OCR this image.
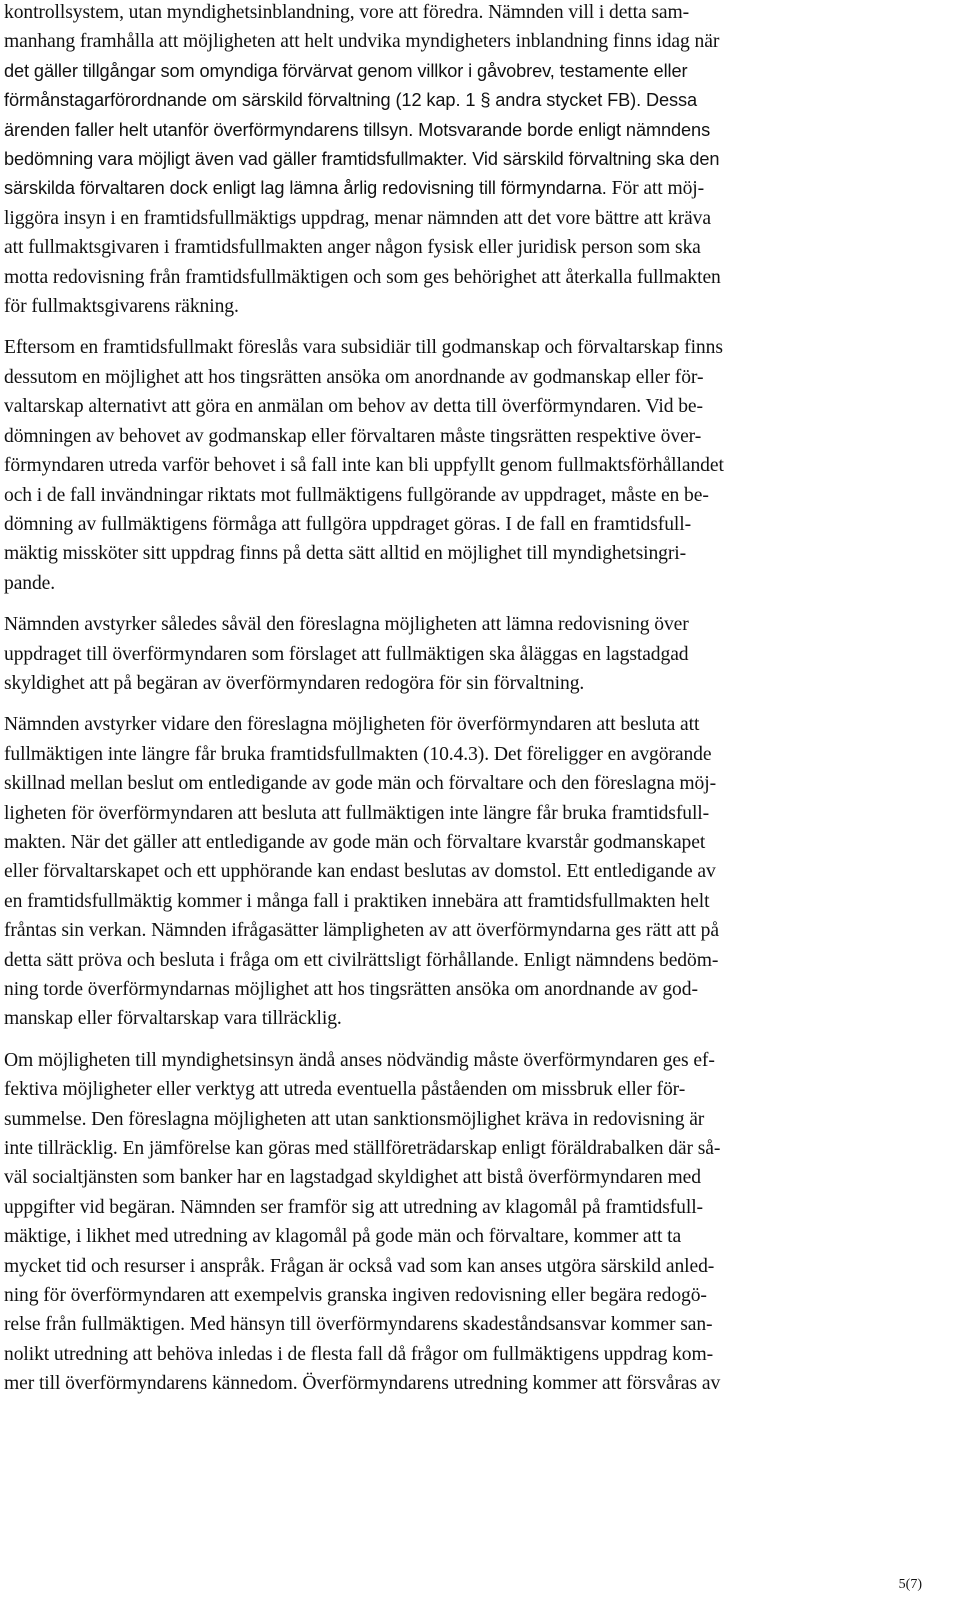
kontrollsystem, utan myndighetsinblandning, vore att föredra. Nämnden vill i detta sam-
manhang framhålla att möjligheten att helt undvika myndigheters inblandning finns idag när
det gäller tillgångar som omyndiga förvärvat genom villkor i gåvobrev, testamente eller
förmånstagarförordnande om särskild förvaltning (12 kap. 1 § andra stycket FB). Dessa
ärenden faller helt utanför överförmyndarens tillsyn. Motsvarande borde enligt nämndens
bedömning vara möjligt även vad gäller framtidsfullmakter. Vid särskild förvaltning ska den
särskilda förvaltaren dock enligt lag lämna årlig redovisning till förmyndarna. För att möj-
liggöra insyn i en framtidsfullmäktigs uppdrag, menar nämnden att det vore bättre att kräva
att fullmaktsgivaren i framtidsfullmakten anger någon fysisk eller juridisk person som ska
motta redovisning från framtidsfullmäktigen och som ges behörighet att återkalla fullmakten
för fullmaktsgivarens räkning.

Eftersom en framtidsfullmakt föreslås vara subsidiär till godmanskap och förvaltarskap finns
dessutom en möjlighet att hos tingsrätten ansöka om anordnande av godmanskap eller för-
valtarskap alternativt att göra en anmälan om behov av detta till överförmyndaren. Vid be-
dömningen av behovet av godmanskap eller förvaltaren måste tingsrätten respektive över-
förmyndaren utreda varför behovet i så fall inte kan bli uppfyllt genom fullmaktsförhållandet
och i de fall invändningar riktats mot fullmäktigens fullgörande av uppdraget, måste en be-
dömning av fullmäktigens förmåga att fullgöra uppdraget göras. I de fall en framtidsfull-
mäktig missköter sitt uppdrag finns på detta sätt alltid en möjlighet till myndighetsingri-
pande.

Nämnden avstyrker således såväl den föreslagna möjligheten att lämna redovisning över
uppdraget till överförmyndaren som förslaget att fullmäktigen ska åläggas en lagstadgad
skyldighet att på begäran av överförmyndaren redogöra för sin förvaltning.

Nämnden avstyrker vidare den föreslagna möjligheten för överförmyndaren att besluta att
fullmäktigen inte längre får bruka framtidsfullmakten (10.4.3). Det föreligger en avgörande
skillnad mellan beslut om entledigande av gode män och förvaltare och den föreslagna möj-
ligheten för överförmyndaren att besluta att fullmäktigen inte längre får bruka framtidsfull-
makten. När det gäller att entledigande av gode män och förvaltare kvarstår godmanskapet
eller förvaltarskapet och ett upphörande kan endast beslutas av domstol. Ett entledigande av
en framtidsfullmäktig kommer i många fall i praktiken innebära att framtidsfullmakten helt
fråntas sin verkan. Nämnden ifrågasätter lämpligheten av att överförmyndarna ges rätt att på
detta sätt pröva och besluta i fråga om ett civilrättsligt förhållande. Enligt nämndens bedöm-
ning torde överförmyndarnas möjlighet att hos tingsrätten ansöka om anordnande av god-
manskap eller förvaltarskap vara tillräcklig.

Om möjligheten till myndighetsinsyn ändå anses nödvändig måste överförmyndaren ges ef-
fektiva möjligheter eller verktyg att utreda eventuella påståenden om missbruk eller för-
summelse. Den föreslagna möjligheten att utan sanktionsmöjlighet kräva in redovisning är
inte tillräcklig. En jämförelse kan göras med ställföreträdarskap enligt föräldrabalken där så-
väl socialtjänsten som banker har en lagstadgad skyldighet att bistå överförmyndaren med
uppgifter vid begäran. Nämnden ser framför sig att utredning av klagomål på framtidsfull-
mäktige, i likhet med utredning av klagomål på gode män och förvaltare, kommer att ta
mycket tid och resurser i anspråk. Frågan är också vad som kan anses utgöra särskild anled-
ning för överförmyndaren att exempelvis granska ingiven redovisning eller begära redogö-
relse från fullmäktigen. Med hänsyn till överförmyndarens skadeståndsansvar kommer san-
nolikt utredning att behöva inledas i de flesta fall då frågor om fullmäktigens uppdrag kom-
mer till överförmyndarens kännedom. Överförmyndarens utredning kommer att försvåras av

5(7)
